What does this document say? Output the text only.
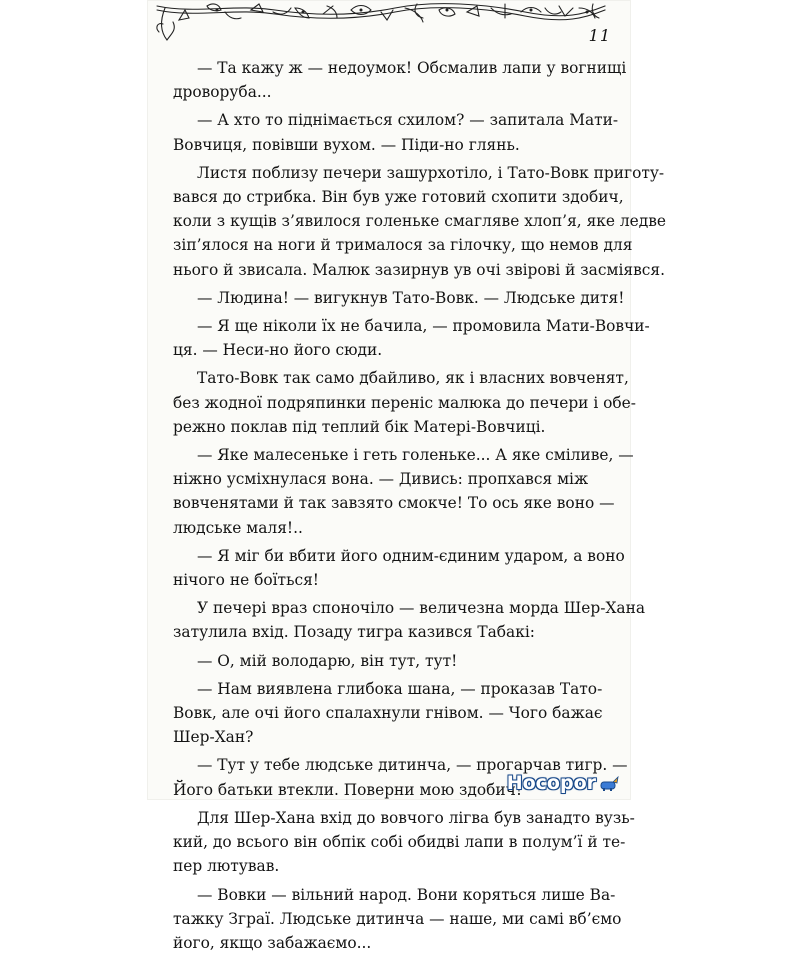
11
— Та кажу ж — недоумок! Обсмалив лапи у вогнищі
дроворуба...
— А хто то піднімається схилом? — запитала Мати-
Вовчиця, повівши вухом. — Піди-но глянь.
Листя поблизу печери зашурхотіло, і Тато-Вовк приготу-
вався до стрибка. Він був уже готовий схопити здобич,
коли з кущів з’явилося голеньке смагляве хлоп’я, яке ледве
зіп’ялося на ноги й трималося за гілочку, що немов для
нього й звисала. Малюк зазирнув ув очі звірові й засміявся.
— Людина! — вигукнув Тато-Вовк. — Людське дитя!
— Я ще ніколи їх не бачила, — промовила Мати-Вовчи-
ця. — Неси-но його сюди.
Тато-Вовк так само дбайливо, як і власних вовченят,
без жодної подряпинки переніс малюка до печери і обе-
режно поклав під теплий бік Матері-Вовчиці.
— Яке малесеньке і геть голеньке... А яке сміливе, —
ніжно усміхнулася вона. — Дивись: пропхався між
вовченятами й так завзято смокче! То ось яке воно —
людське маля!..
— Я міг би вбити його одним-єдиним ударом, а воно
нічого не боїться!
У печері враз споночіло — величезна морда Шер-Хана
затулила вхід. Позаду тигра казився Табакі:
— О, мій володарю, він тут, тут!
— Нам виявлена глибока шана, — проказав Тато-
Вовк, але очі його спалахнули гнівом. — Чого бажає
Шер-Хан?
— Тут у тебе людське дитинча, — прогарчав тигр. —
Його батьки втекли. Поверни мою здобич!
Для Шер-Хана вхід до вовчого лігва був занадто вузь-
кий, до всього він обпік собі обидві лапи в полум’ї й те-
пер лютував.
— Вовки — вільний народ. Вони коряться лише Ва-
тажку Зграї. Людське дитинча — наше, ми самі вб’ємо
його, якщо забажаємо...
Носороr
